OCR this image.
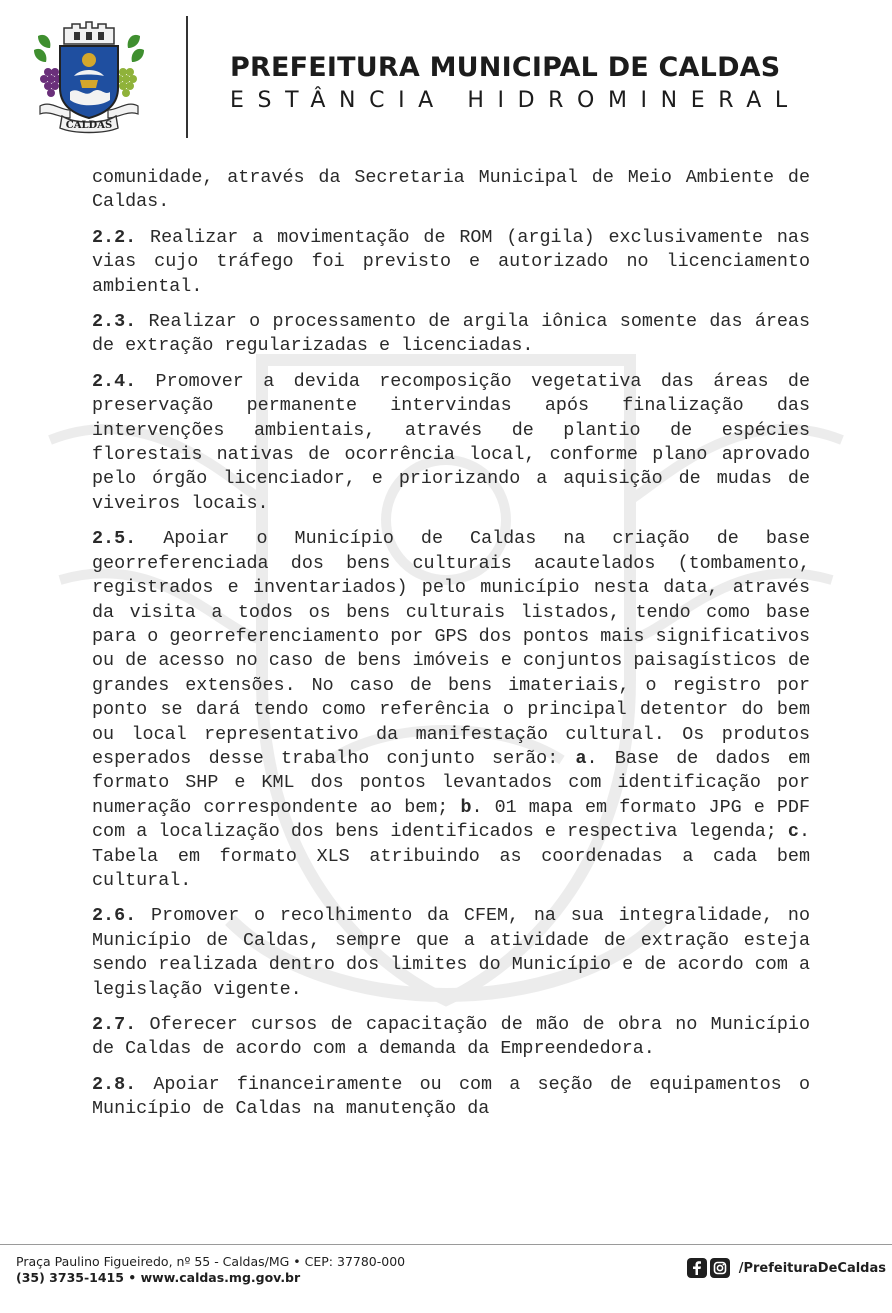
CALDAS
PREFEITURA MUNICIPAL DE CALDAS
ESTÂNCIA HIDROMINERAL

comunidade, através da Secretaria Municipal de Meio Ambiente de Caldas.

2.2. Realizar a movimentação de ROM (argila) exclusivamente nas vias cujo tráfego foi previsto e autorizado no licenciamento ambiental.

2.3. Realizar o processamento de argila iônica somente das áreas de extração regularizadas e licenciadas.

2.4. Promover a devida recomposição vegetativa das áreas de preservação permanente intervindas após finalização das intervenções ambientais, através de plantio de espécies florestais nativas de ocorrência local, conforme plano aprovado pelo órgão licenciador, e priorizando a aquisição de mudas de viveiros locais.

2.5. Apoiar o Município de Caldas na criação de base georreferenciada dos bens culturais acautelados (tombamento, registrados e inventariados) pelo município nesta data, através da visita a todos os bens culturais listados, tendo como base para o georreferenciamento por GPS dos pontos mais significativos ou de acesso no caso de bens imóveis e conjuntos paisagísticos de grandes extensões. No caso de bens imateriais, o registro por ponto se dará tendo como referência o principal detentor do bem ou local representativo da manifestação cultural. Os produtos esperados desse trabalho conjunto serão: a. Base de dados em formato SHP e KML dos pontos levantados com identificação por numeração correspondente ao bem; b. 01 mapa em formato JPG e PDF com a localização dos bens identificados e respectiva legenda; c. Tabela em formato XLS atribuindo as coordenadas a cada bem cultural.

2.6. Promover o recolhimento da CFEM, na sua integralidade, no Município de Caldas, sempre que a atividade de extração esteja sendo realizada dentro dos limites do Município e de acordo com a legislação vigente.

2.7. Oferecer cursos de capacitação de mão de obra no Município de Caldas de acordo com a demanda da Empreendedora.

2.8. Apoiar financeiramente ou com a seção de equipamentos o Município de Caldas na manutenção da

Praça Paulino Figueiredo, nº 55 - Caldas/MG • CEP: 37780-000
(35) 3735-1415 • www.caldas.mg.gov.br
/PrefeituraDeCaldas
